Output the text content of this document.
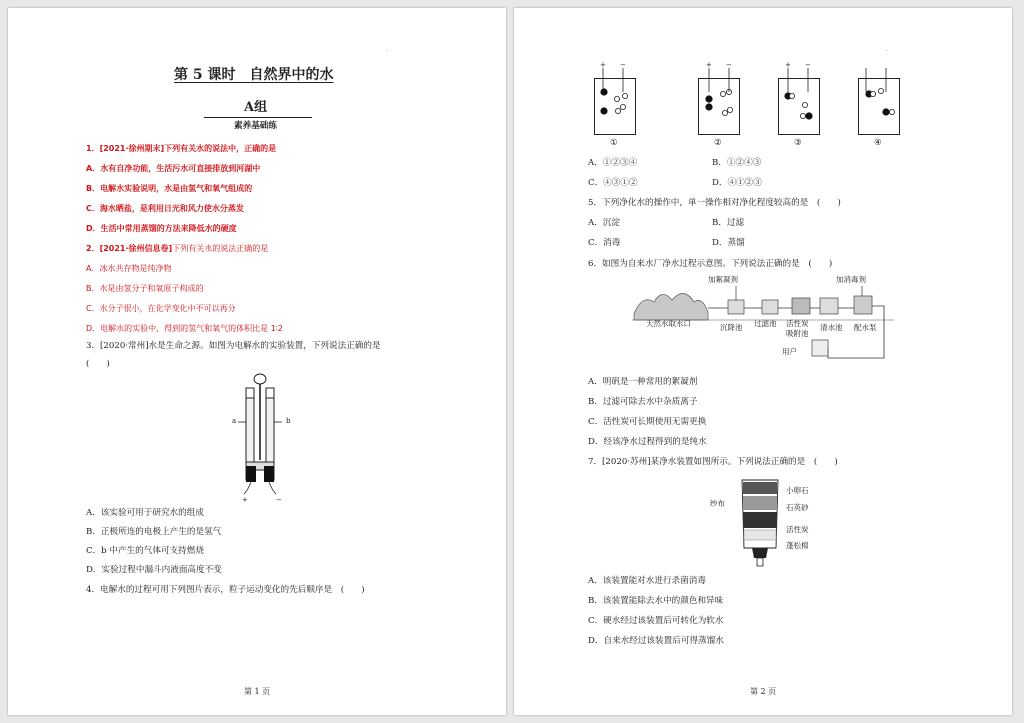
.
第 5 课时　自然界中的水
A组
素养基础练
1．[2021·徐州期末]下列有关水的说法中，正确的是
A．水有自净功能，生活污水可直接排放到河湖中
B．电解水实验说明，水是由氢气和氧气组成的
C．海水晒盐，是利用日光和风力使水分蒸发
D．生活中常用蒸馏的方法来降低水的硬度
2．[2021·徐州信息卷]下列有关水的说法正确的是
A．冰水共存物是纯净物
B．水是由氢分子和氧原子构成的
C．水分子很小，在化学变化中不可以再分
D．电解水的实验中，得到的氢气和氧气的体积比是 1∶2
3．[2020·常州]水是生命之源。如图为电解水的实验装置，下列说法正确的是
(　　)
a	b
+	−
A．该实验可用于研究水的组成
B．正极所连的电极上产生的是氢气
C．b 中产生的气体可支持燃烧
D．实验过程中漏斗内液面高度不变
4．电解水的过程可用下列图片表示，粒子运动变化的先后顺序是　(　　)
第 1 页
.
+ −	+ −	+ −
①	②	③	④
A．①②③④	B．①②④③
C．④③①②	D．④①②③
5．下列净化水的操作中，单一操作相对净化程度较高的是　(　　)
A．沉淀	B．过滤
C．消毒	D．蒸馏
6．如图为自来水厂净水过程示意图。下列说法正确的是　(　　)
加絮凝剂	加消毒剂
天然水取水口	沉降池 过滤池 活性炭
吸附池
清水池 配水泵
用户
A．明矾是一种常用的絮凝剂
B．过滤可除去水中杂质离子
C．活性炭可长期使用无需更换
D．经该净水过程得到的是纯水
7．[2020·苏州]某净水装置如图所示。下列说法正确的是　(　　)
纱布
小卵石
石英砂
活性炭
蓬松棉
A．该装置能对水进行杀菌消毒
B．该装置能除去水中的颜色和异味
C．硬水经过该装置后可转化为软水
D．自来水经过该装置后可得蒸馏水
第 2 页
